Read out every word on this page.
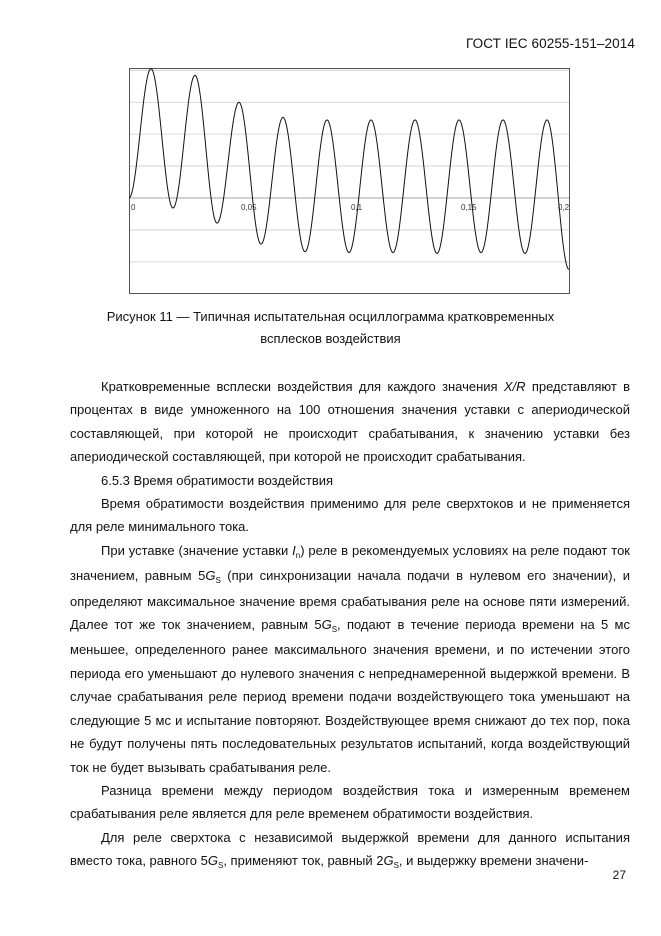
ГОСТ IEC 60255-151–2014
0	0,05	0,1	0,15	0,2
Рисунок 11 — Типичная испытательная осциллограмма кратковременных
всплесков воздействия

Кратковременные всплески воздействия для каждого значения X/R представляют в процентах в виде умноженного на 100 отношения значения уставки с апериодической составляющей, при которой не происходит срабатывания, к значению уставки без апериодической составляющей, при которой не происходит срабатывания.

6.5.3 Время обратимости воздействия

Время обратимости воздействия применимо для реле сверхтоков и не применяется для реле минимального тока.

При уставке (значение уставки $I_n$) реле в рекомендуемых условиях на реле подают ток значением, равным $5G_S$ (при синхронизации начала подачи в нулевом его значении), и определяют максимальное значение время срабатывания реле на основе пяти измерений. Далее тот же ток значением, равным $5G_S$, подают в течение периода времени на 5 мс меньшее, определенного ранее максимального значения времени, и по истечении этого периода его уменьшают до нулевого значения с непреднамеренной выдержкой времени. В случае срабатывания реле период времени подачи воздействующего тока уменьшают на следующие 5 мс и испытание повторяют. Воздействующее время снижают до тех пор, пока не будут получены пять последовательных результатов испытаний, когда воздействующий ток не будет вызывать срабатывания реле.

Разница времени между периодом воздействия тока и измеренным временем срабатывания реле является для реле временем обратимости воздействия.

Для реле сверхтока с независимой выдержкой времени для данного испытания вместо тока, равного $5G_S$, применяют ток, равный $2G_S$, и выдержку времени значени-

27
